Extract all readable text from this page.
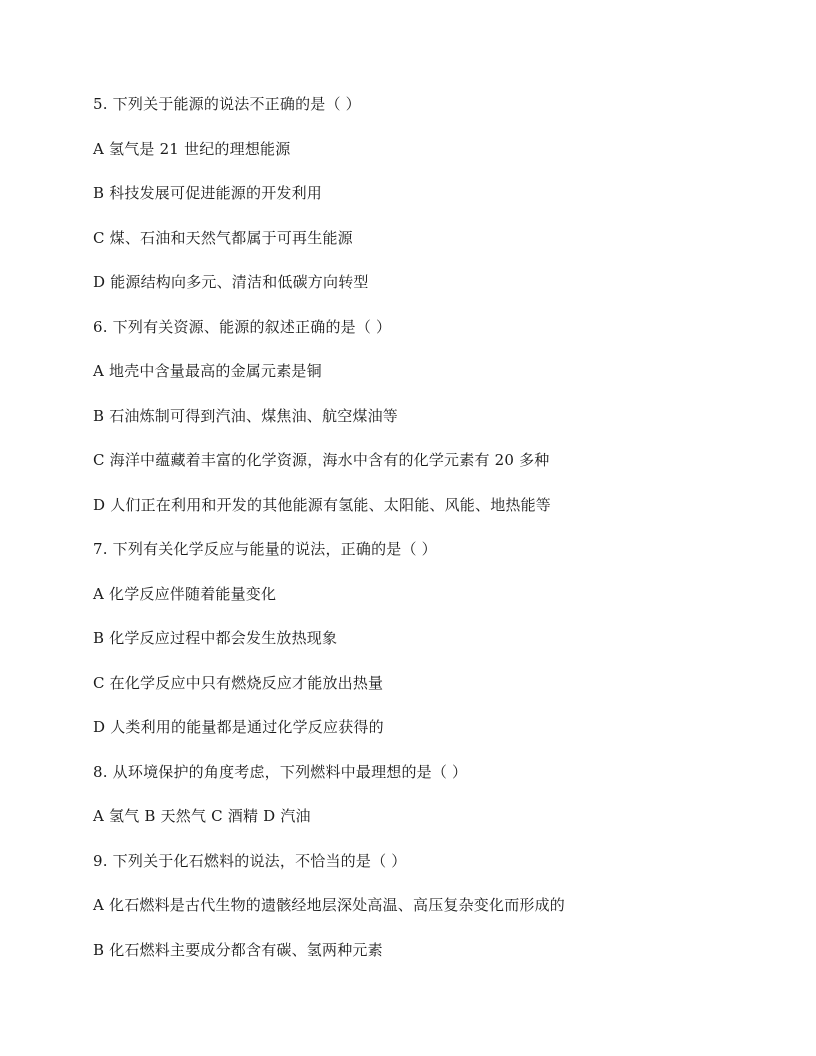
5. 下列关于能源的说法不正确的是（ ）
A 氢气是 21 世纪的理想能源
B 科技发展可促进能源的开发利用
C 煤、石油和天然气都属于可再生能源
D 能源结构向多元、清洁和低碳方向转型
6. 下列有关资源、能源的叙述正确的是（ ）
A 地壳中含量最高的金属元素是铜
B 石油炼制可得到汽油、煤焦油、航空煤油等
C 海洋中蕴藏着丰富的化学资源，海水中含有的化学元素有 20 多种
D 人们正在利用和开发的其他能源有氢能、太阳能、风能、地热能等
7. 下列有关化学反应与能量的说法，正确的是（ ）
A 化学反应伴随着能量变化
B 化学反应过程中都会发生放热现象
C 在化学反应中只有燃烧反应才能放出热量
D 人类利用的能量都是通过化学反应获得的
8. 从环境保护的角度考虑，下列燃料中最理想的是（ ）
A 氢气 B 天然气 C 酒精 D 汽油
9. 下列关于化石燃料的说法，不恰当的是（ ）
A 化石燃料是古代生物的遗骸经地层深处高温、高压复杂变化而形成的
B 化石燃料主要成分都含有碳、氢两种元素
